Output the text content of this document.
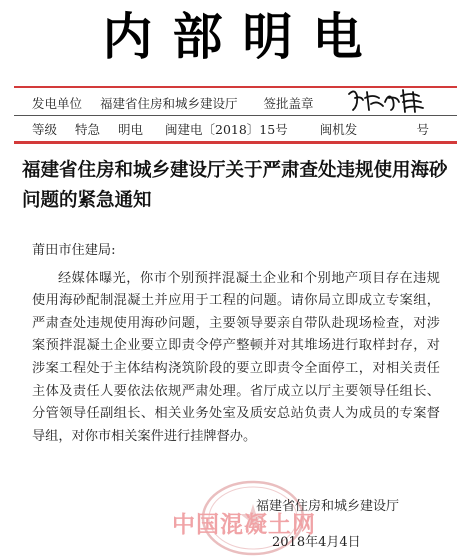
内部明电
发电单位 福建省住房和城乡建设厅 签批盖章
等级 特急 明电 闽建电〔2018〕15号	闽机发	号
福建省住房和城乡建设厅关于严肃查处违规使用海砂问题的紧急通知

莆田市住建局:

经媒体曝光，你市个别预拌混凝土企业和个别地产项目存在违规使用海砂配制混凝土并应用于工程的问题。请你局立即成立专案组，严肃查处违规使用海砂问题，主要领导要亲自带队赴现场检查，对涉案预拌混凝土企业要立即责令停产整顿并对其堆场进行取样封存，对涉案工程处于主体结构浇筑阶段的要立即责令全面停工，对相关责任主体及责任人要依法依规严肃处理。省厅成立以厅主要领导任组长、分管领导任副组长、相关业务处室及质安总站负责人为成员的专案督导组，对你市相关案件进行挂牌督办。

福建省住房和城乡建设厅
中国混凝土网
2018年4月4日
